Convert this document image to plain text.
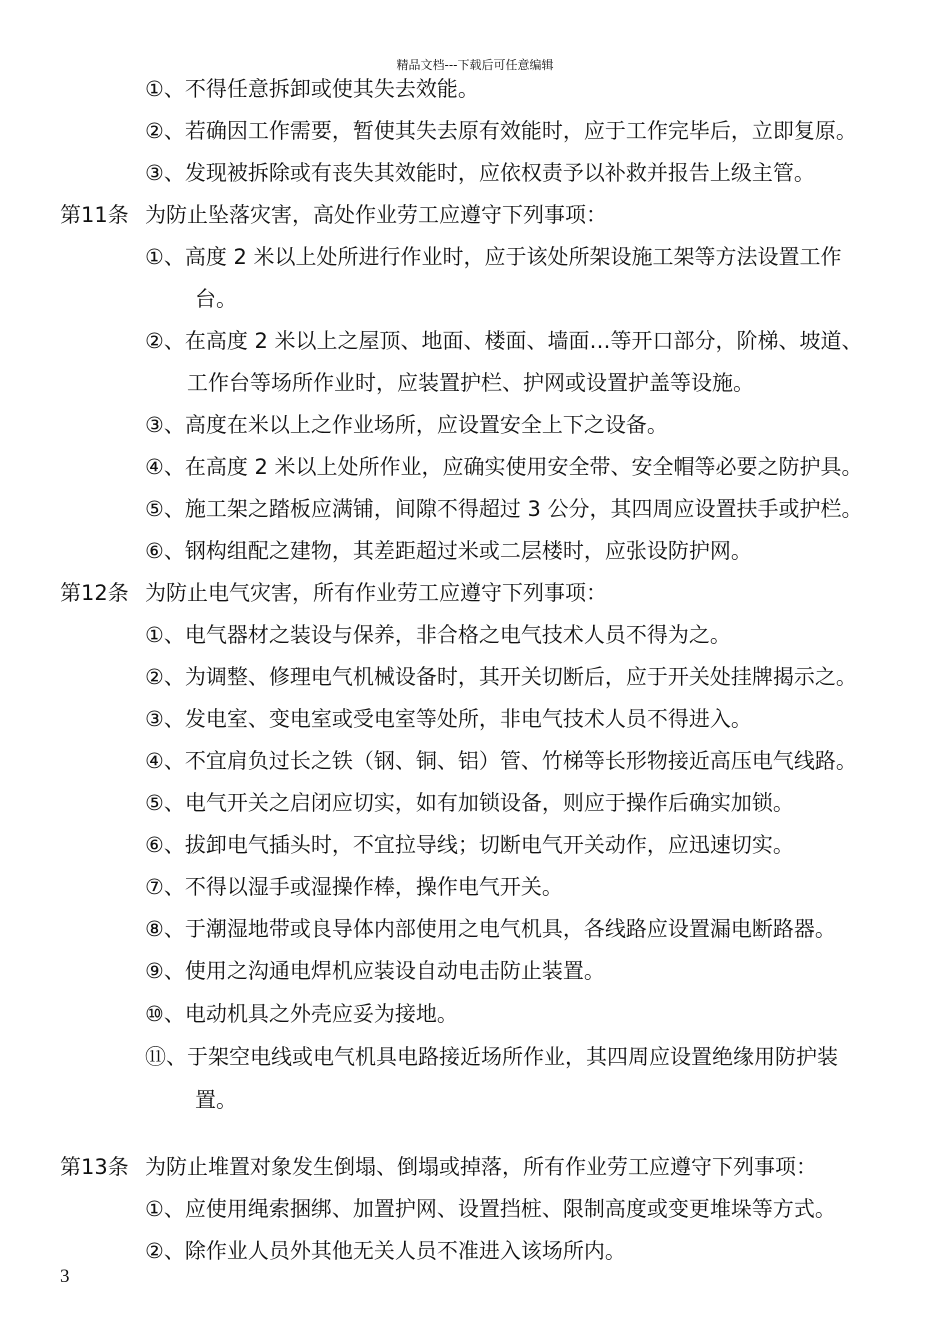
精品文档---下载后可任意编辑
①、不得任意拆卸或使其失去效能。
②、若确因工作需要，暂使其失去原有效能时，应于工作完毕后，立即复原。
③、发现被拆除或有丧失其效能时，应依权责予以补救并报告上级主管。
第11条 为防止坠落灾害，高处作业劳工应遵守下列事项：
①、高度 2 米以上处所进行作业时，应于该处所架设施工架等方法设置工作
台。
②、在高度 2 米以上之屋顶、地面、楼面、墙面…等开口部分，阶梯、坡道、
工作台等场所作业时，应装置护栏、护网或设置护盖等设施。
③、高度在米以上之作业场所，应设置安全上下之设备。
④、在高度 2 米以上处所作业，应确实使用安全带、安全帽等必要之防护具。
⑤、施工架之踏板应满铺，间隙不得超过 3 公分，其四周应设置扶手或护栏。
⑥、钢构组配之建物，其差距超过米或二层楼时，应张设防护网。
第12条 为防止电气灾害，所有作业劳工应遵守下列事项：
①、电气器材之装设与保养，非合格之电气技术人员不得为之。
②、为调整、修理电气机械设备时，其开关切断后，应于开关处挂牌揭示之。
③、发电室、变电室或受电室等处所，非电气技术人员不得进入。
④、不宜肩负过长之铁（钢、铜、铝）管、竹梯等长形物接近高压电气线路。
⑤、电气开关之启闭应切实，如有加锁设备，则应于操作后确实加锁。
⑥、拔卸电气插头时，不宜拉导线；切断电气开关动作，应迅速切实。
⑦、不得以湿手或湿操作棒，操作电气开关。
⑧、于潮湿地带或良导体内部使用之电气机具，各线路应设置漏电断路器。
⑨、使用之沟通电焊机应装设自动电击防止装置。
⑩、电动机具之外壳应妥为接地。
⑪、于架空电线或电气机具电路接近场所作业，其四周应设置绝缘用防护装
置。
第13条 为防止堆置对象发生倒塌、倒塌或掉落，所有作业劳工应遵守下列事项：
①、应使用绳索捆绑、加置护网、设置挡桩、限制高度或变更堆垛等方式。
②、除作业人员外其他无关人员不准进入该场所内。
3
